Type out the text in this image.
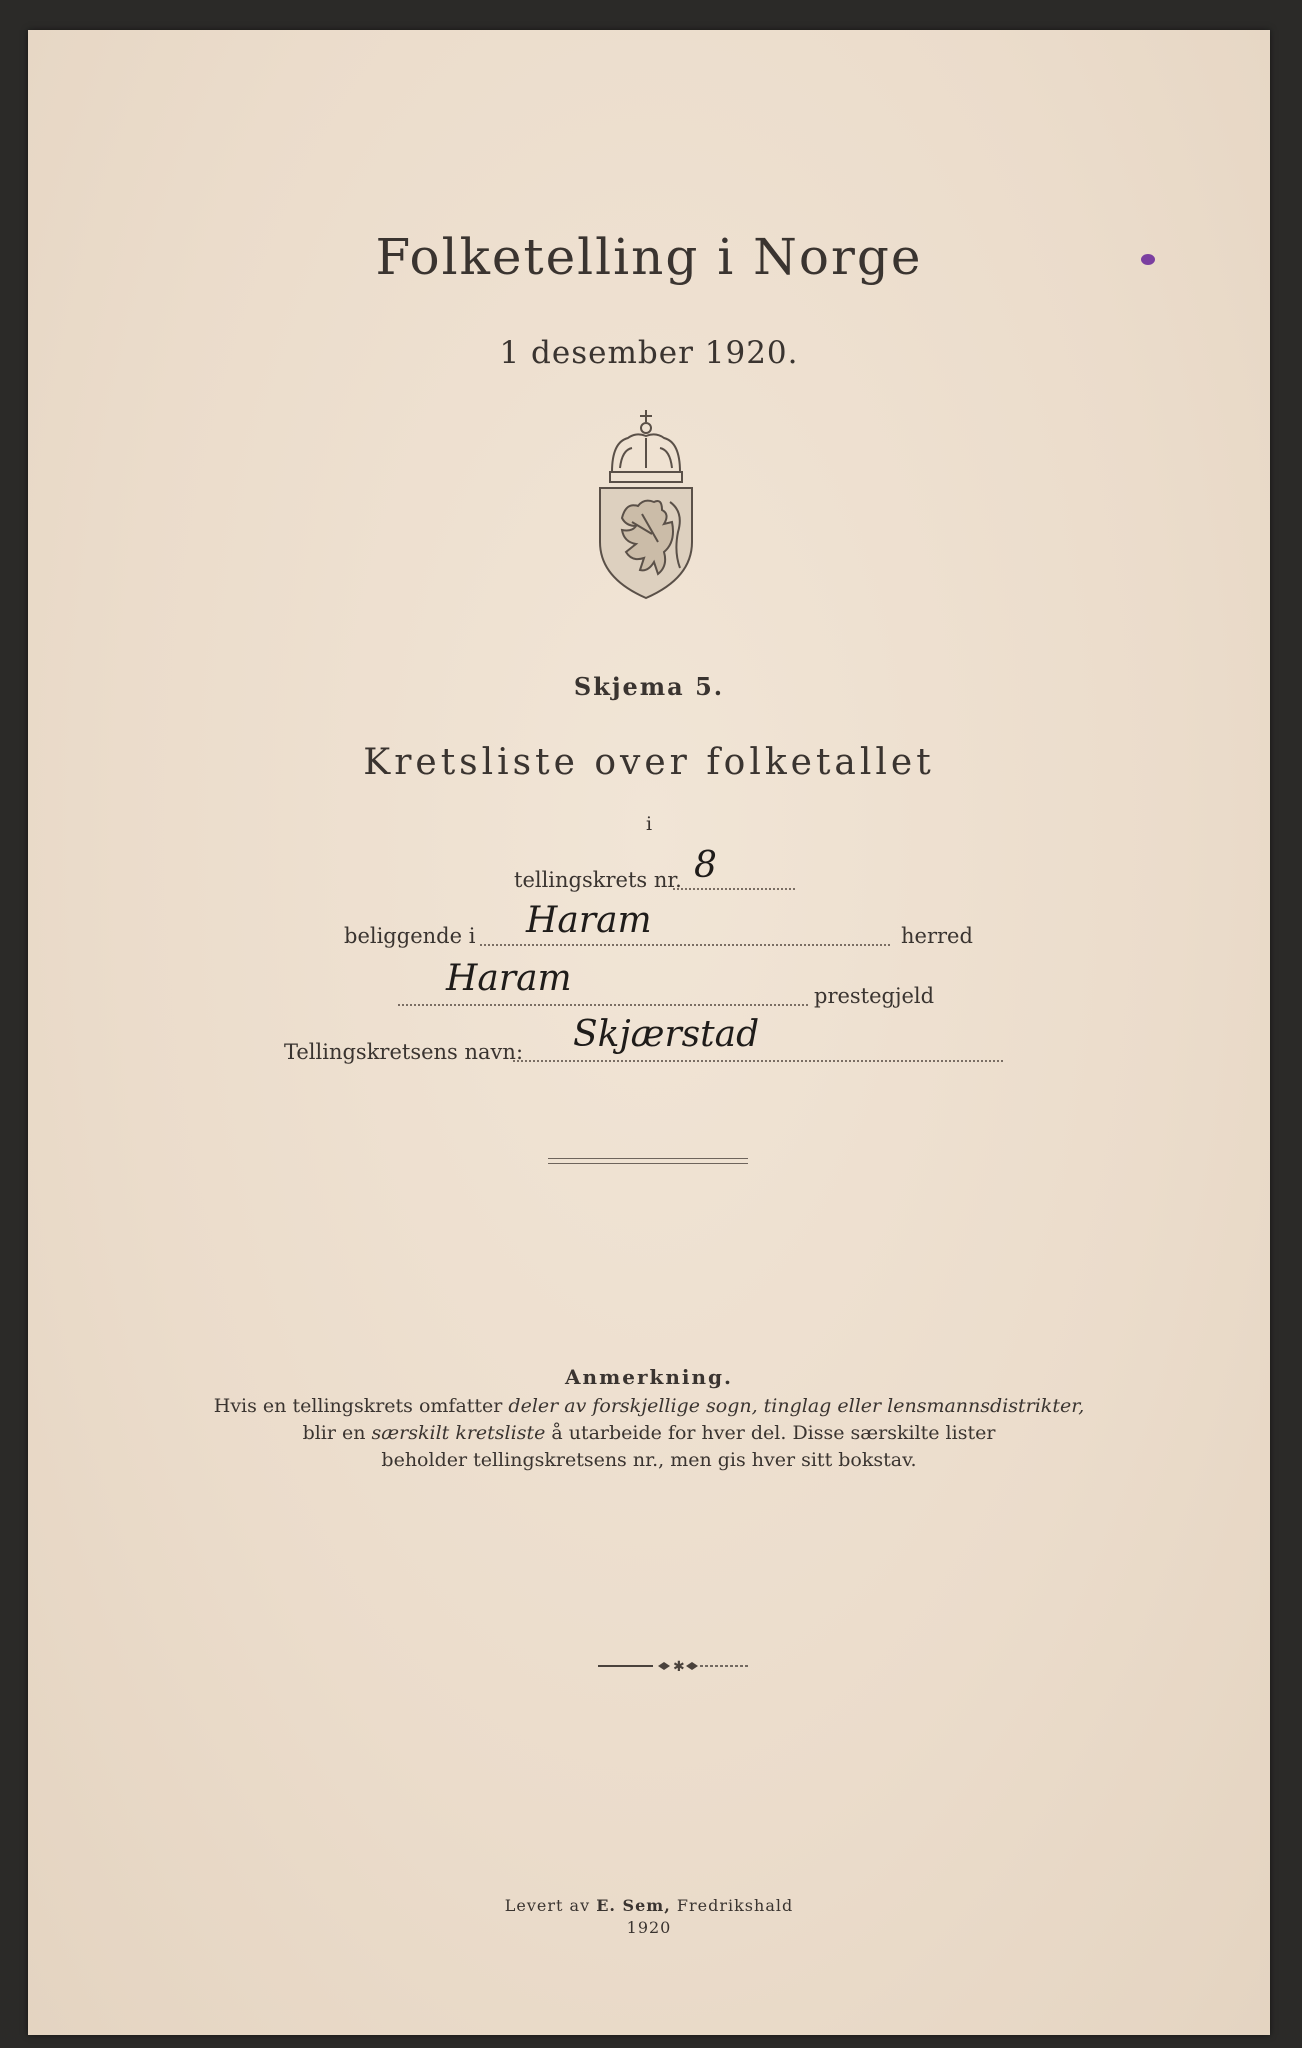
Folketelling i Norge
1 desember 1920.
Skjema 5.
Kretsliste over folketallet
i
tellingskrets nr. 8
beliggende i Haram	herred
Haram	prestegjeld
Tellingskretsens navn: Skjærstad
Anmerkning.
Hvis en tellingskrets omfatter deler av forskjellige sogn, tinglag eller lensmannsdistrikter,
blir en særskilt kretsliste å utarbeide for hver del. Disse særskilte lister
beholder tellingskretsens nr., men gis hver sitt bokstav.
✱
Levert av E. Sem, Fredrikshald
1920
